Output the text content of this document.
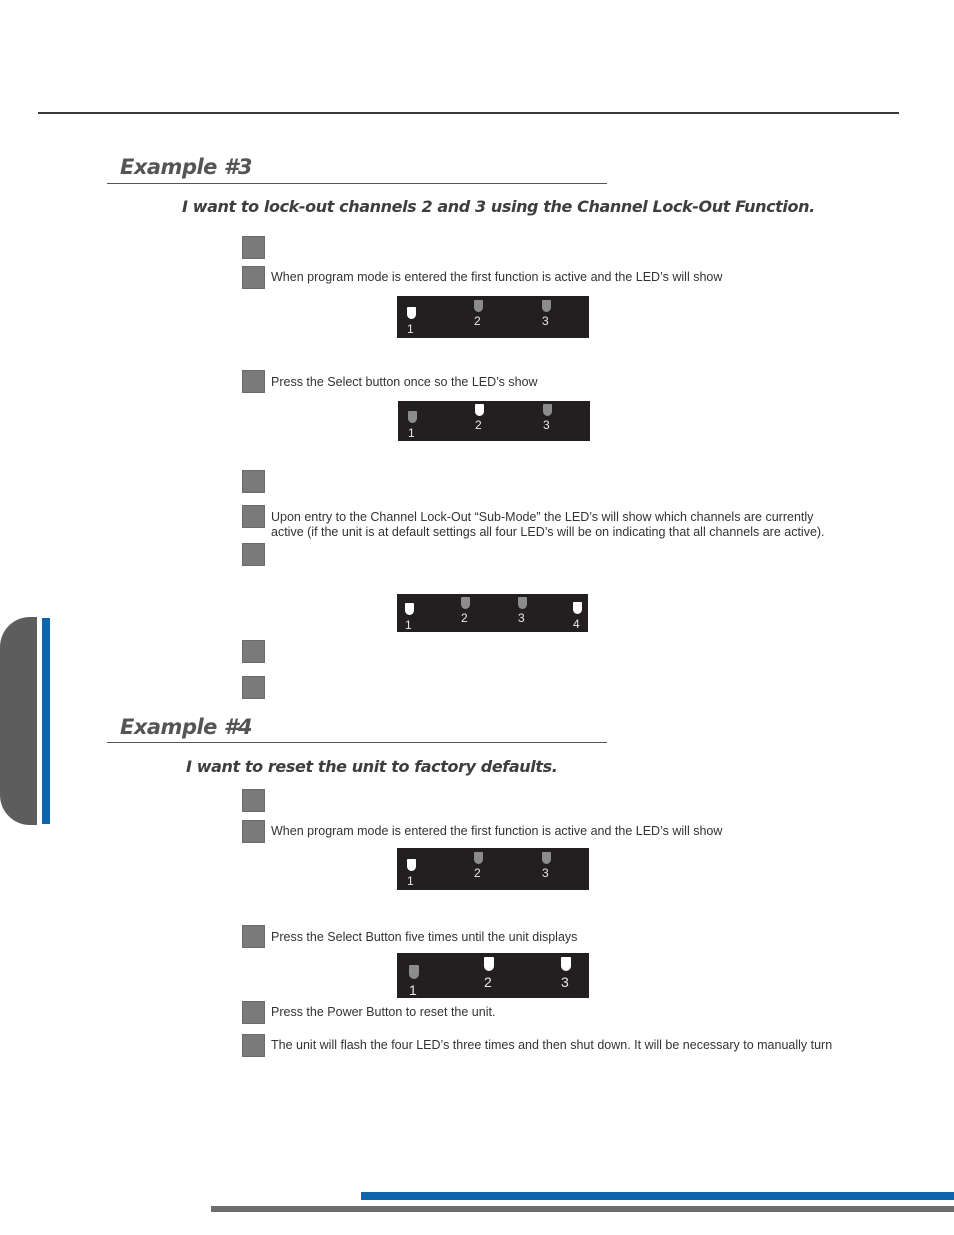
Example #3
I want to lock-out channels 2 and 3 using the Channel Lock-Out Function.
When program mode is entered the first function is active and the LED’s will show
1
2	3
Press the Select button once so the LED’s show
1
2	3
Upon entry to the Channel Lock-Out “Sub-Mode” the LED’s will show which channels are currently
active (if the unit is at default settings all four LED’s will be on indicating that all channels are active).
1	2	3	4
Example #4
I want to reset the unit to factory defaults.
When program mode is entered the first function is active and the LED’s will show
1
2	3
Press the Select Button five times until the unit displays
1	2	3
Press the Power Button to reset the unit.
The unit will flash the four LED’s three times and then shut down. It will be necessary to manually turn
